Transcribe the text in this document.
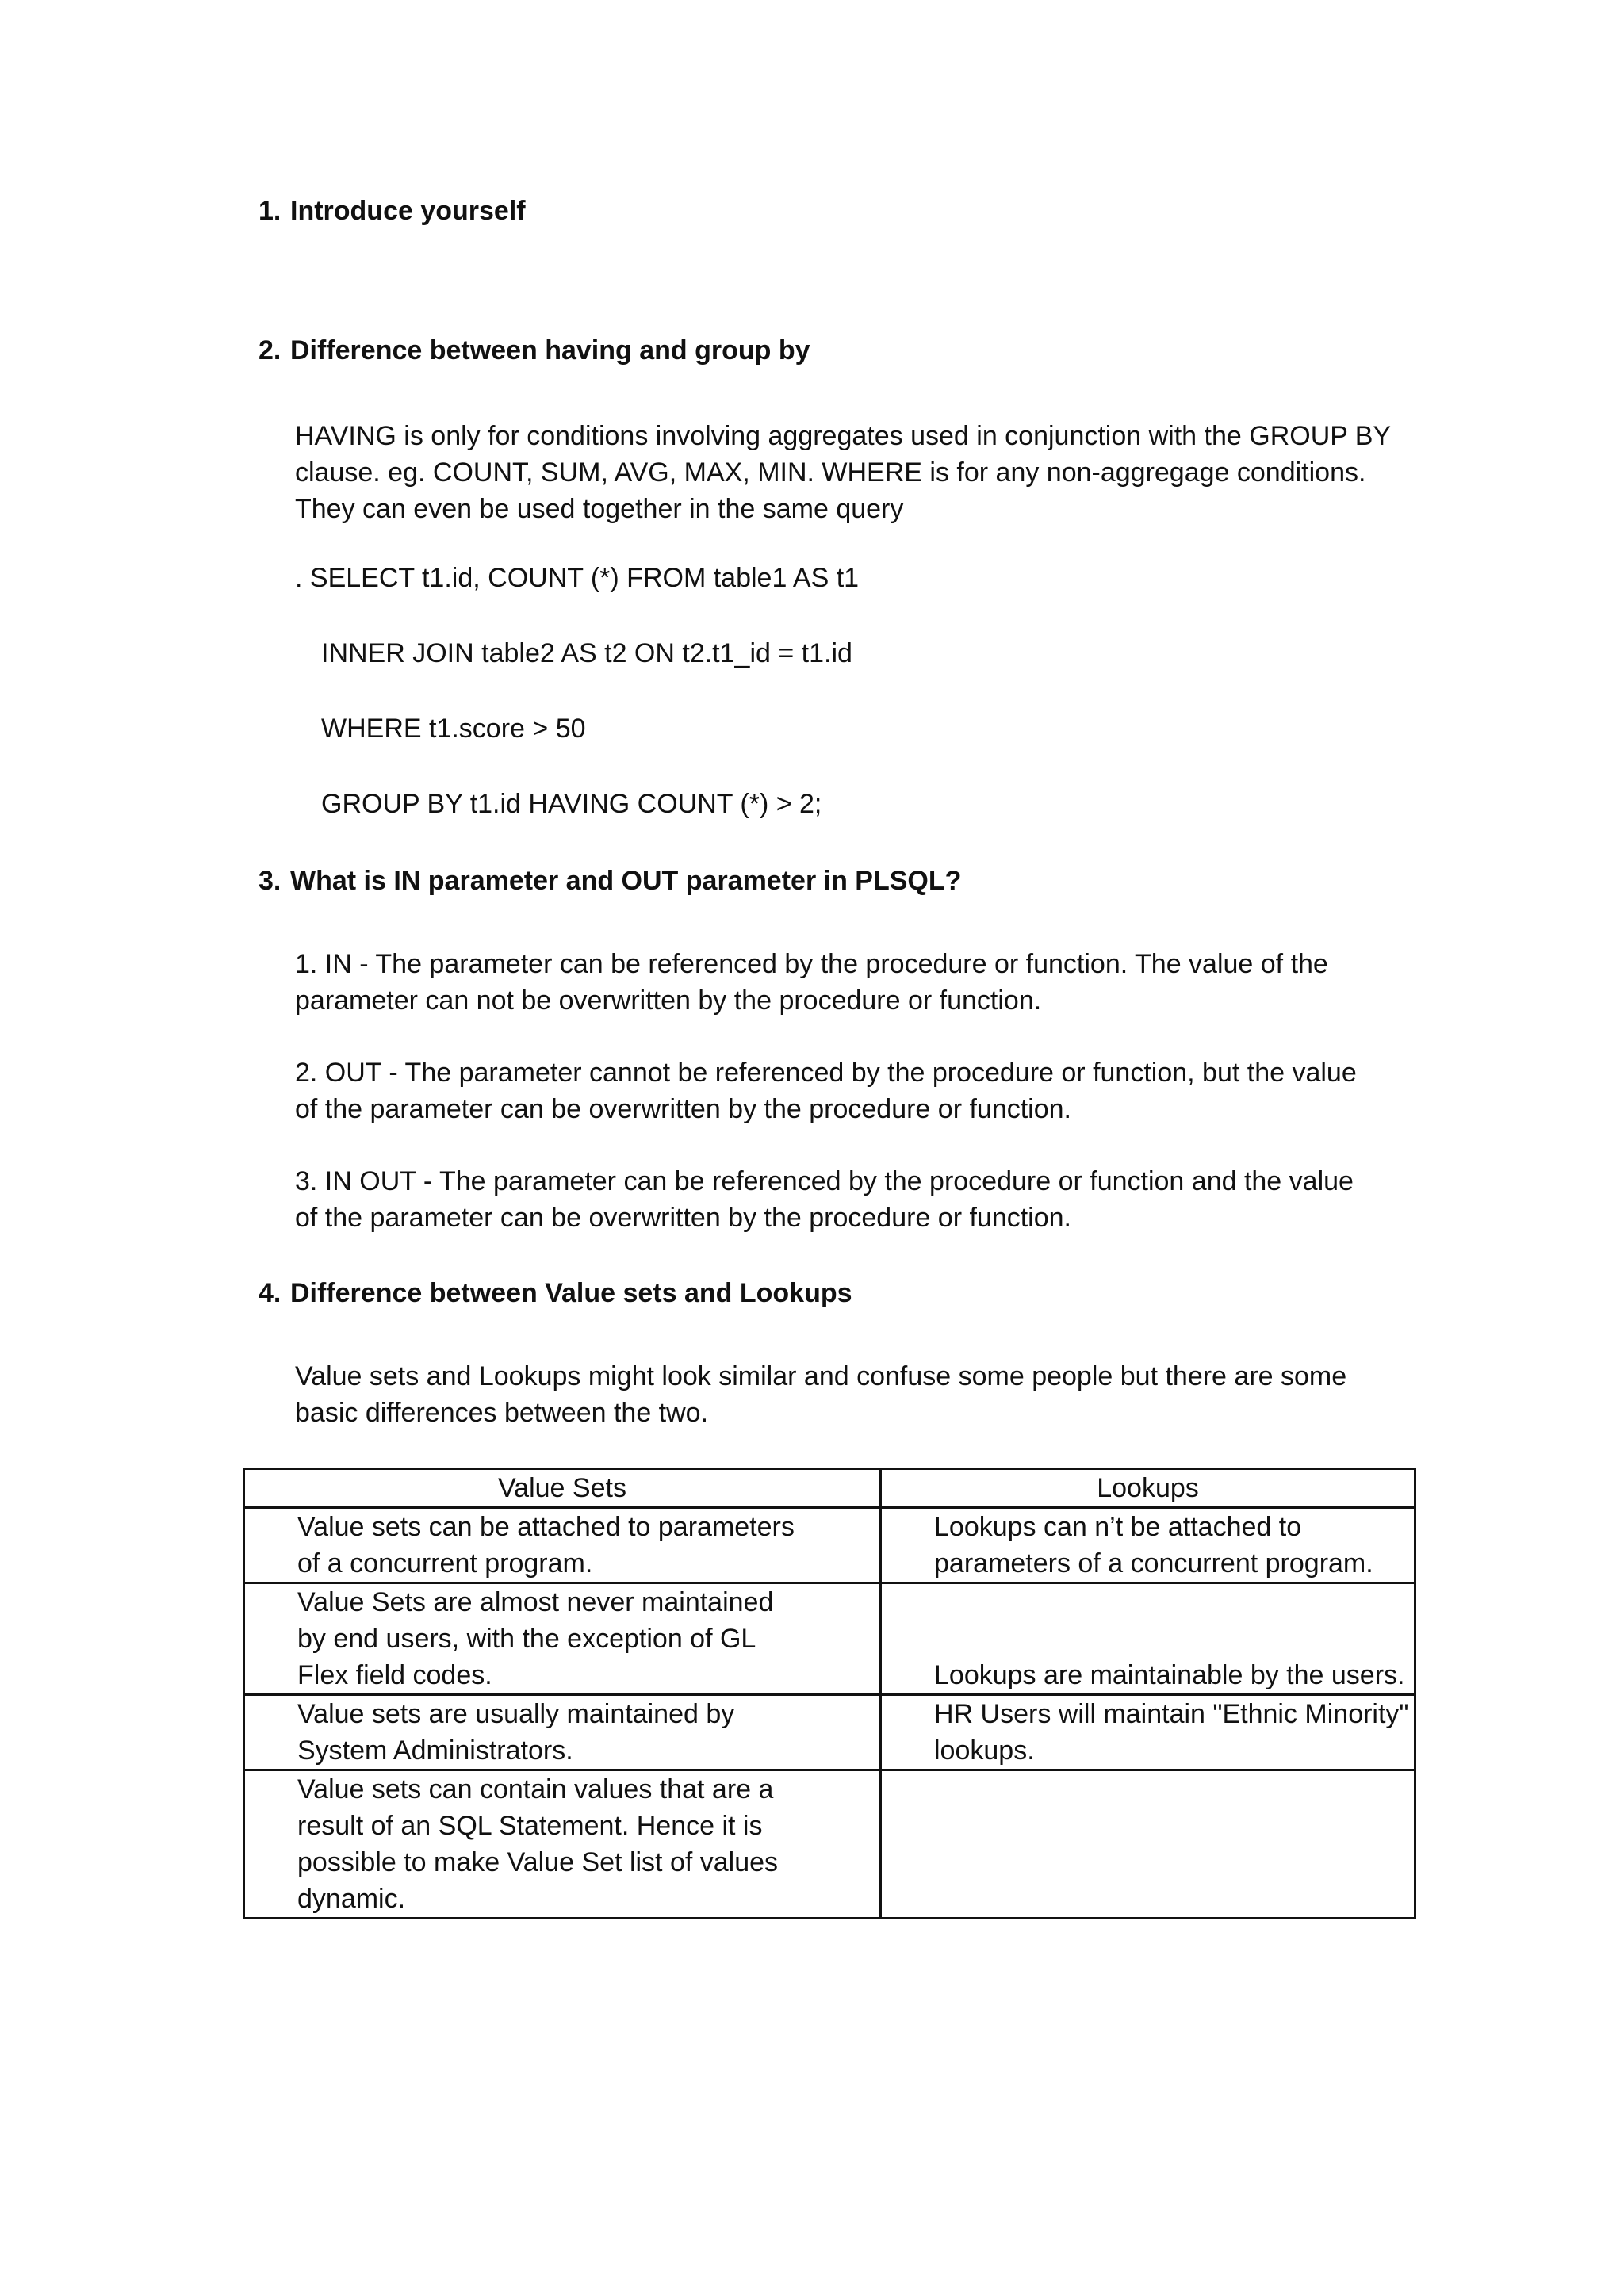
1. Introduce yourself
2. Difference between having and group by
HAVING is only for conditions involving aggregates used in conjunction with the GROUP BY
clause. eg. COUNT, SUM, AVG, MAX, MIN. WHERE is for any non-aggregage conditions.
They can even be used together in the same query
. SELECT t1.id, COUNT (*) FROM table1 AS t1
INNER JOIN table2 AS t2 ON t2.t1_id = t1.id
WHERE t1.score > 50
GROUP BY t1.id HAVING COUNT (*) > 2;
3. What is IN parameter and OUT parameter in PLSQL?
1. IN - The parameter can be referenced by the procedure or function. The value of the
parameter can not be overwritten by the procedure or function.
2. OUT - The parameter cannot be referenced by the procedure or function, but the value
of the parameter can be overwritten by the procedure or function.
3. IN OUT - The parameter can be referenced by the procedure or function and the value
of the parameter can be overwritten by the procedure or function.
4. Difference between Value sets and Lookups
Value sets and Lookups might look similar and confuse some people but there are some
basic differences between the two.
Value Sets	Lookups

Value sets can be attached to parameters
of a concurrent program.	Lookups can n’t be attached to
parameters of a concurrent program.

Value Sets are almost never maintained
by end users, with the exception of GL
Flex field codes.	Lookups are maintainable by the users.

Value sets are usually maintained by
System Administrators.	HR Users will maintain "Ethnic Minority"
lookups.

Value sets can contain values that are a
result of an SQL Statement. Hence it is
possible to make Value Set list of values
dynamic.	
